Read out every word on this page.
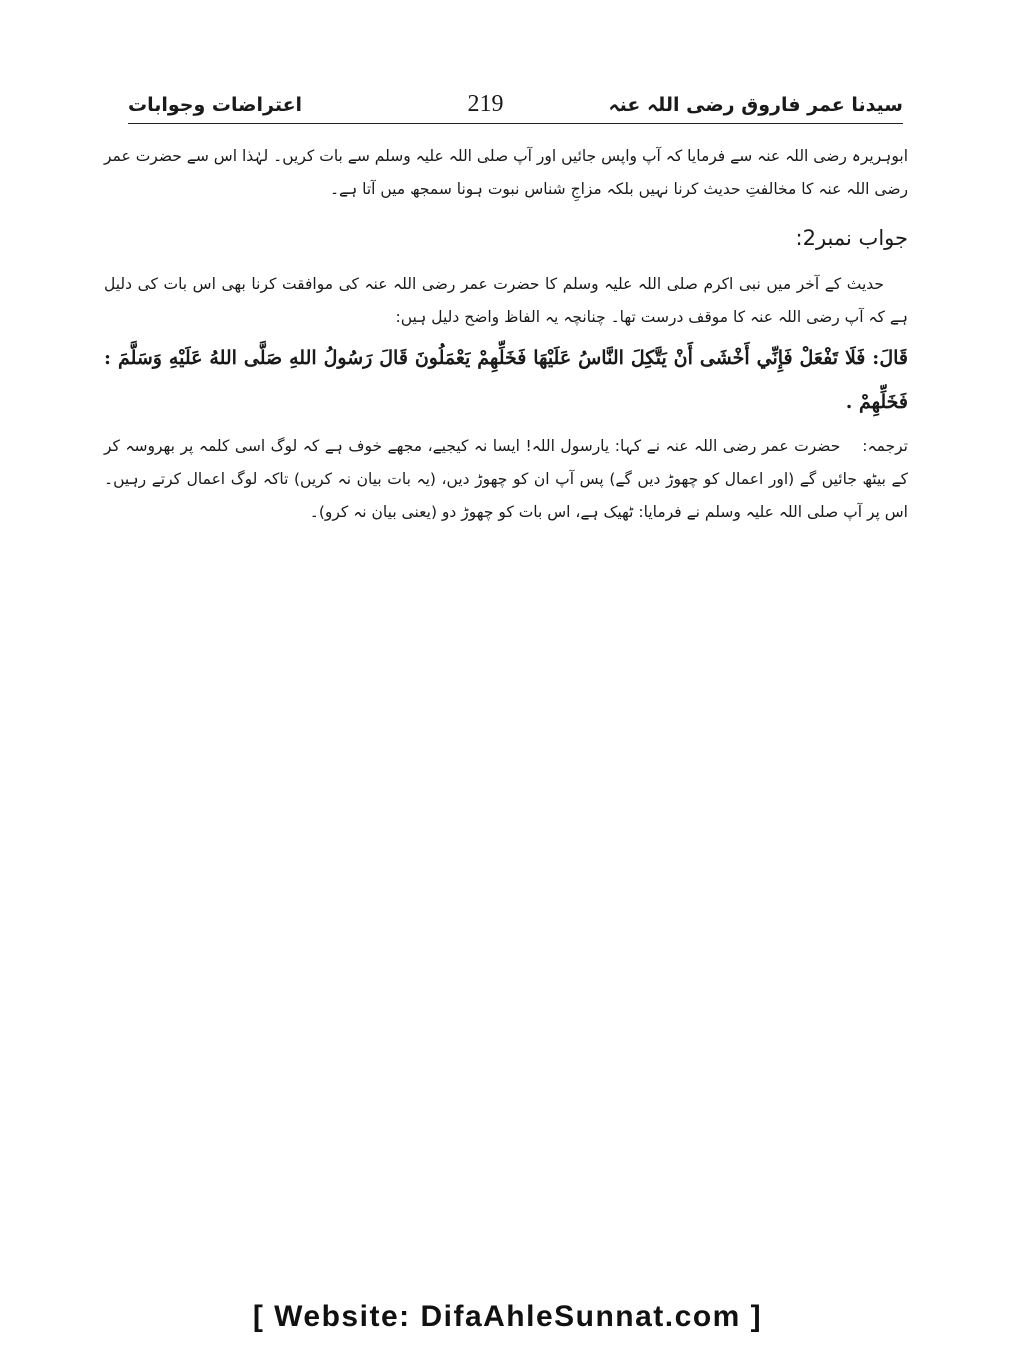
اعتراضات وجوابات	219	سیدنا عمر فاروق رضی اللہ عنہ

ابوہریرہ رضی اللہ عنہ سے فرمایا کہ آپ واپس جائیں اور آپ صلی اللہ علیہ وسلم سے بات کریں۔ لہٰذا اس سے حضرت عمر رضی اللہ عنہ کا مخالفتِ حدیث کرنا نہیں بلکہ مزاجِ شناس نبوت ہونا سمجھ میں آتا ہے۔

جواب نمبر2:

حدیث کے آخر میں نبی اکرم صلی اللہ علیہ وسلم کا حضرت عمر رضی اللہ عنہ کی موافقت کرنا بھی اس بات کی دلیل ہے کہ آپ رضی اللہ عنہ کا موقف درست تھا۔ چنانچہ یہ الفاظ واضح دلیل ہیں:

قَالَ: فَلَا تَفْعَلْ فَإِنِّي أَخْشَى أَنْ يَتَّكِلَ النَّاسُ عَلَيْهَا فَخَلِّهِمْ يَعْمَلُونَ قَالَ رَسُولُ اللهِ صَلَّى اللهُ عَلَيْهِ وَسَلَّمَ : فَخَلِّهِمْ .

ترجمہ:حضرت عمر رضی اللہ عنہ نے کہا: یارسول اللہ! ایسا نہ کیجیے، مجھے خوف ہے کہ لوگ اسی کلمہ پر بھروسہ کر کے بیٹھ جائیں گے (اور اعمال کو چھوڑ دیں گے) پس آپ ان کو چھوڑ دیں، (یہ بات بیان نہ کریں) تاکہ لوگ اعمال کرتے رہیں۔ اس پر آپ صلی اللہ علیہ وسلم نے فرمایا: ٹھیک ہے، اس بات کو چھوڑ دو (یعنی بیان نہ کرو)۔

[ Website: DifaAhleSunnat.com ]
